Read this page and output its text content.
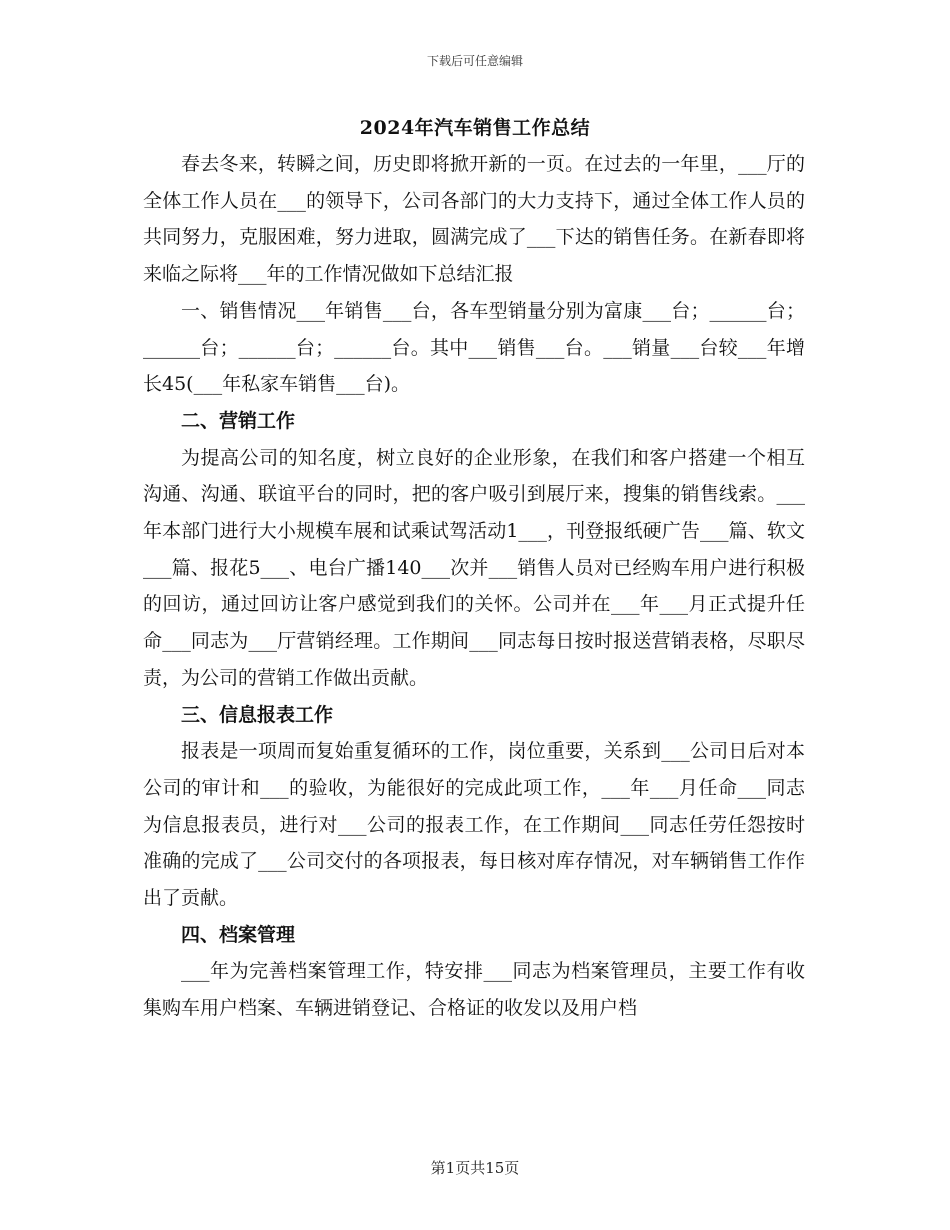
下载后可任意编辑
2024年汽车销售工作总结

春去冬来，转瞬之间，历史即将掀开新的一页。在过去的一年里，___厅的全体工作人员在___的领导下，公司各部门的大力支持下，通过全体工作人员的共同努力，克服困难，努力进取，圆满完成了___下达的销售任务。在新春即将来临之际将___年的工作情况做如下总结汇报

一、销售情况___年销售___台，各车型销量分别为富康___台；______台；______台；______台；______台。其中___销售___台。___销量___台较___年增长45(___年私家车销售___台)。

二、营销工作

为提高公司的知名度，树立良好的企业形象，在我们和客户搭建一个相互沟通、沟通、联谊平台的同时，把的客户吸引到展厅来，搜集的销售线索。___年本部门进行大小规模车展和试乘试驾活动1___，刊登报纸硬广告___篇、软文___篇、报花5___、电台广播140___次并___销售人员对已经购车用户进行积极的回访，通过回访让客户感觉到我们的关怀。公司并在___年___月正式提升任命___同志为___厅营销经理。工作期间___同志每日按时报送营销表格，尽职尽责，为公司的营销工作做出贡献。

三、信息报表工作

报表是一项周而复始重复循环的工作，岗位重要，关系到___公司日后对本公司的审计和___的验收，为能很好的完成此项工作，___年___月任命___同志为信息报表员，进行对___公司的报表工作，在工作期间___同志任劳任怨按时准确的完成了___公司交付的各项报表，每日核对库存情况，对车辆销售工作作出了贡献。

四、档案管理

___年为完善档案管理工作，特安排___同志为档案管理员，主要工作有收集购车用户档案、车辆进销登记、合格证的收发以及用户档

第1页共15页
